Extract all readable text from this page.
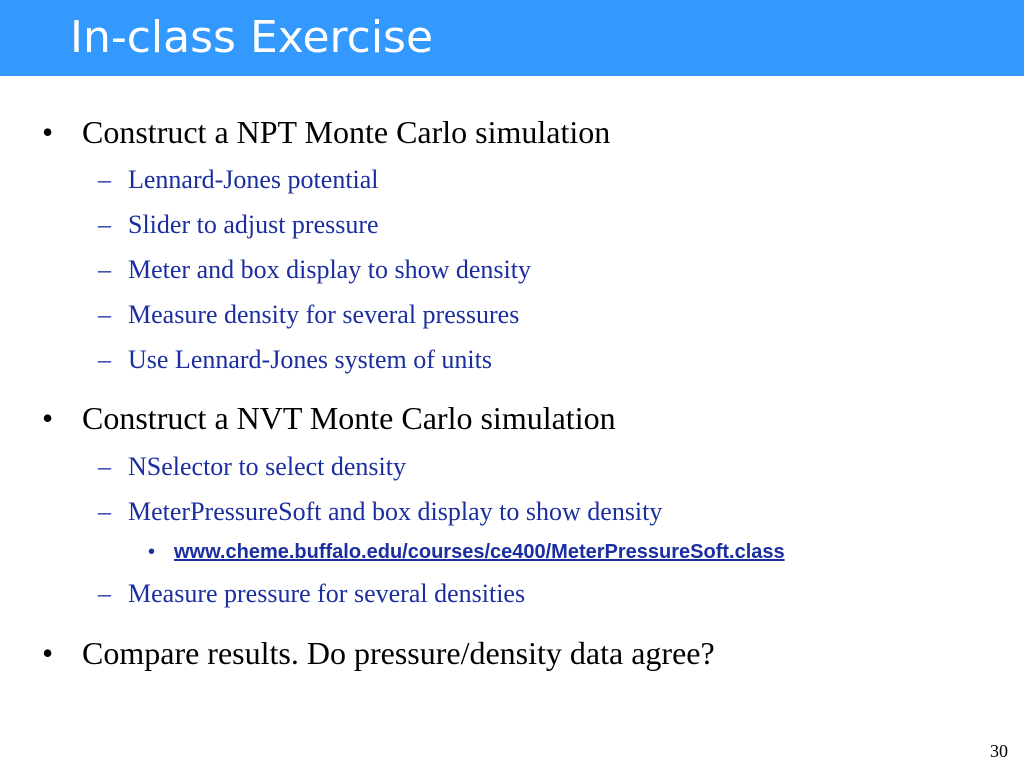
In-class Exercise
• Construct a NPT Monte Carlo simulation
– Lennard-Jones potential
– Slider to adjust pressure
– Meter and box display to show density
– Measure density for several pressures
– Use Lennard-Jones system of units
• Construct a NVT Monte Carlo simulation
– NSelector to select density
– MeterPressureSoft and box display to show density
• www.cheme.buffalo.edu/courses/ce400/MeterPressureSoft.class
– Measure pressure for several densities
• Compare results. Do pressure/density data agree?
30
